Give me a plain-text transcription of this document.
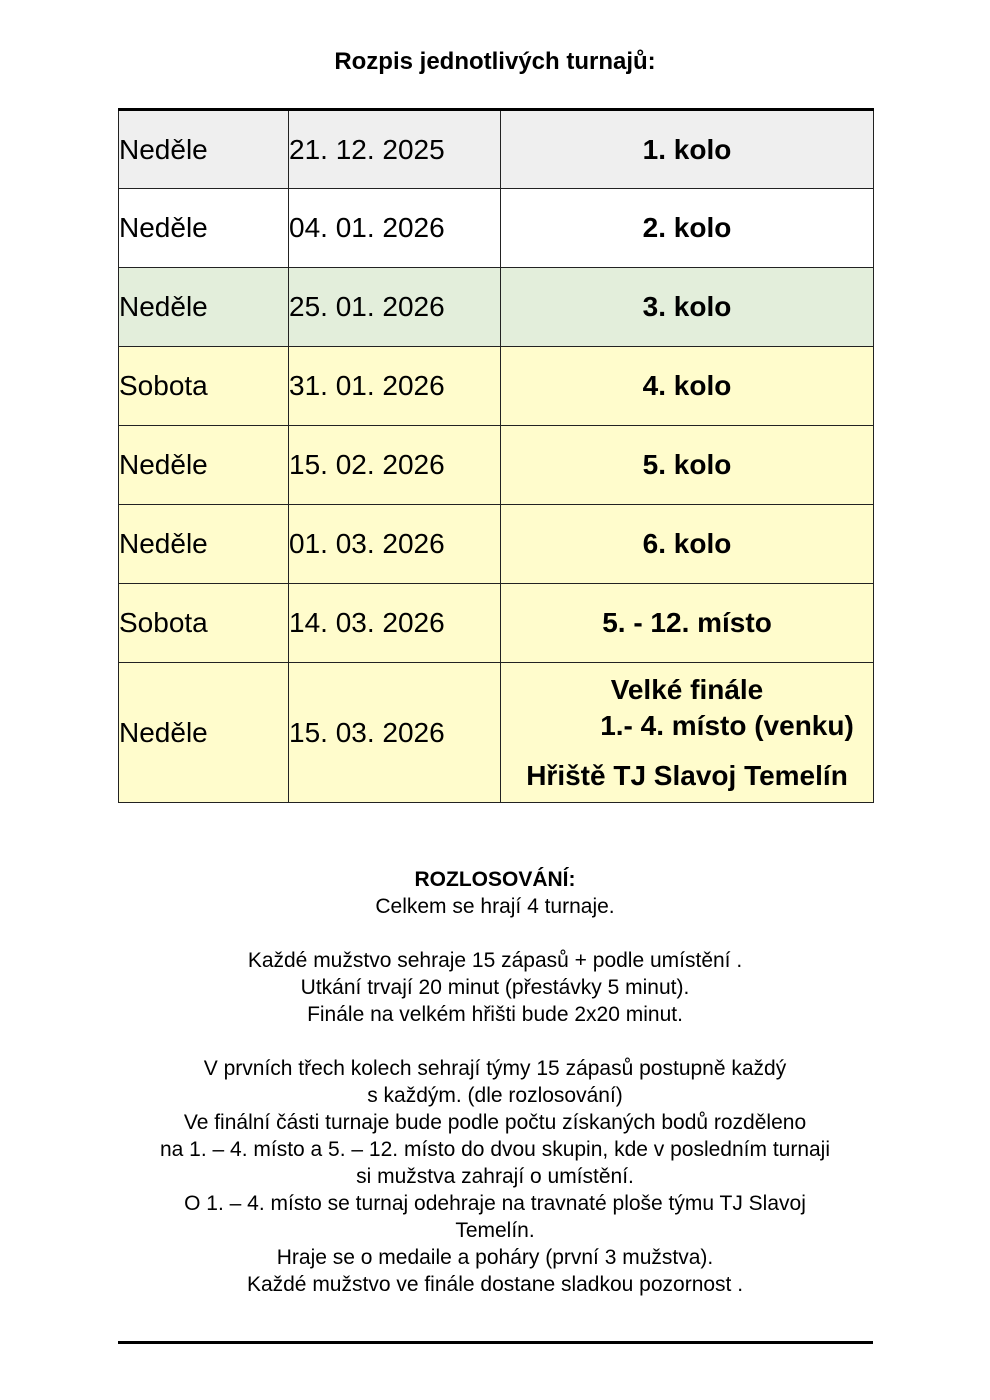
Rozpis jednotlivých turnajů:
Neděle	21. 12. 2025	1. kolo
Neděle	04. 01. 2026	2. kolo
Neděle	25. 01. 2026	3. kolo
Sobota	31. 01. 2026	4. kolo
Neděle	15. 02. 2026	5. kolo
Neděle	01. 03. 2026	6. kolo
Sobota	14. 03. 2026	5. - 12. místo
Neděle	15. 03. 2026	Velké finále
1.- 4. místo (venku)
Hřiště TJ Slavoj Temelín
ROZLOSOVÁNÍ:
Celkem se hrají 4 turnaje.
Každé mužstvo sehraje 15 zápasů + podle umístění .
Utkání trvají 20 minut (přestávky 5 minut).
Finále na velkém hřišti bude 2x20 minut.
V prvních třech kolech sehrají týmy 15 zápasů postupně každý
s každým. (dle rozlosování)
Ve finální části turnaje bude podle počtu získaných bodů rozděleno
na 1. – 4. místo a 5. – 12. místo do dvou skupin, kde v posledním turnaji
si mužstva zahrají o umístění.
O 1. – 4. místo se turnaj odehraje na travnaté ploše týmu TJ Slavoj
Temelín.
Hraje se o medaile a poháry (první 3 mužstva).
Každé mužstvo ve finále dostane sladkou pozornost .
